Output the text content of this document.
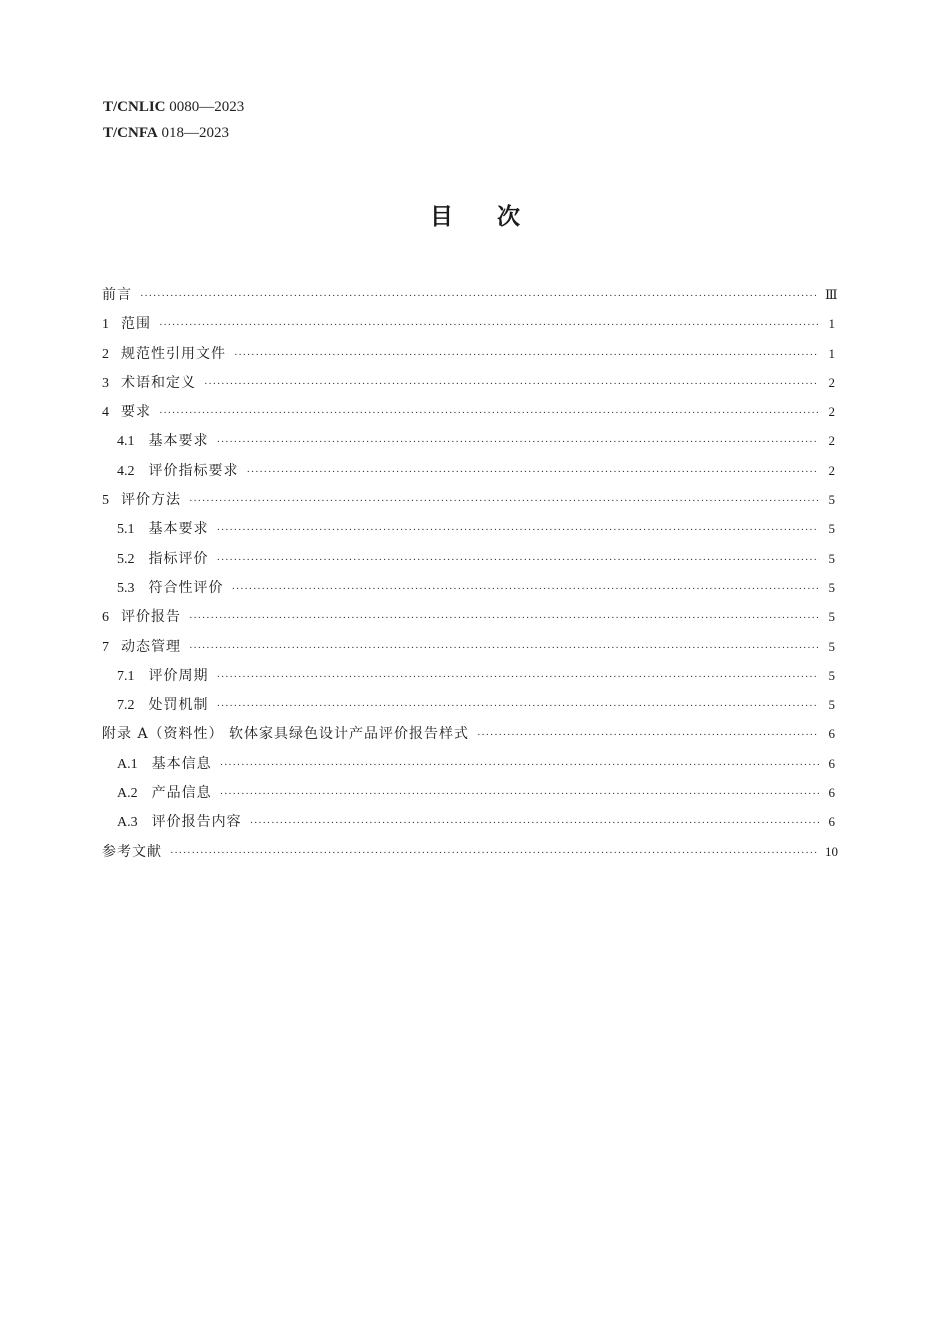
T/CNLIC 0080—2023
T/CNFA 018—2023
目次
前言 ·····	Ⅲ
1 范围 ·····	1
2 规范性引用文件 ·····	1
3 术语和定义 ·····	2
4 要求 ·····	2
4.1 基本要求 ·····	2
4.2 评价指标要求 ·····	2
5 评价方法 ·····	5
5.1 基本要求 ·····	5
5.2 指标评价 ·····	5
5.3 符合性评价 ·····	5
6 评价报告 ·····	5
7 动态管理 ·····	5
7.1 评价周期 ·····	5
7.2 处罚机制 ·····	5
附录 A（资料性） 软体家具绿色设计产品评价报告样式 ·····	6
A.1 基本信息 ·····	6
A.2 产品信息 ·····	6
A.3 评价报告内容 ·····	6
参考文献 ·····	10
